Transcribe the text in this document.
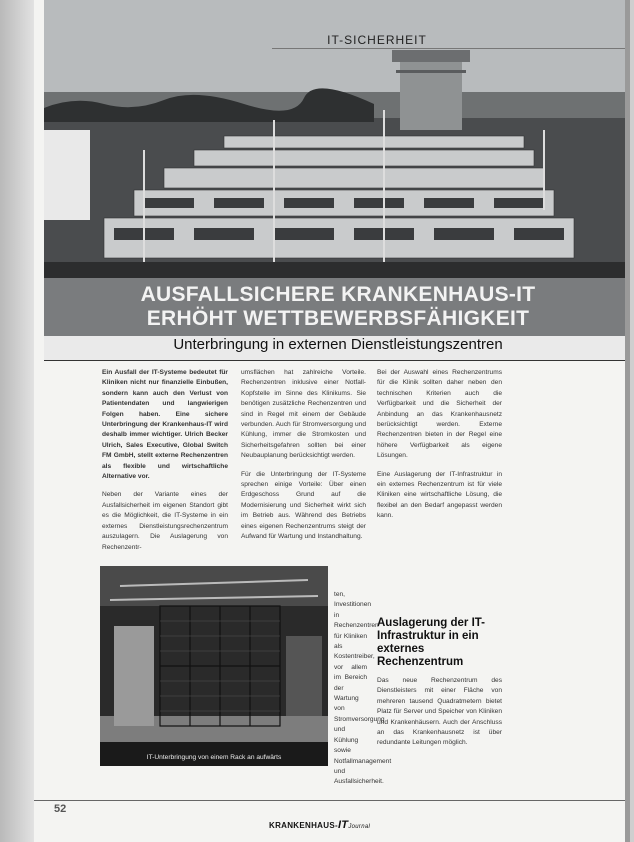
IT-SICHERHEIT
AUSFALLSICHERE KRANKENHAUS-IT
ERHÖHT WETTBEWERBSFÄHIGKEIT
Unterbringung in externen Dienstleistungszentren

Ein Ausfall der IT-Systeme bedeutet für Kliniken nicht nur finanzielle Einbußen, sondern kann auch den Verlust von Patientendaten und langwierigen Folgen haben. Eine sichere Unterbringung der Krankenhaus-IT wird deshalb immer wichtiger. Ulrich Becker Ulrich, Sales Executive, Global Switch FM GmbH, stellt externe Rechenzentren als flexible und wirtschaftliche Alternative vor.

Neben der Variante eines der Ausfallsicherheit im eigenen Standort gibt es die Möglichkeit, die IT-Systeme in ein externes Dienstleistungsrechenzentrum auszulagern. Die Auslagerung von Rechenzentr-

umsflächen hat zahlreiche Vorteile. Rechenzentren inklusive einer Notfall-Kopfstelle im Sinne des Klinikums. Sie benötigen zusätzliche Rechenzentren und sind in Regel mit einem der Gebäude verbunden. Auch für Stromversorgung und Kühlung, immer die Stromkosten und Sicherheitsgefahren sollten bei einer Neubauplanung berücksichtigt werden.

Für die Unterbringung der IT-Systeme sprechen einige Vorteile: Über einen Erdgeschoss Grund auf die Modernisierung und Sicherheit wirkt sich im Betrieb aus. Während des Betriebs eines eigenen Rechenzentrums steigt der Aufwand für Wartung und Instandhaltung.

IT-Unterbringung von einem Rack an aufwärts
ten, Investitionen in Rechenzentren für Kliniken als Kostentreiber, vor allem im Bereich der Wartung von Stromversorgung und Kühlung sowie Notfallmanagement und Ausfallsicherheit.

Bei der Auswahl eines Rechenzentrums für die Klinik sollten daher neben den technischen Kriterien auch die Verfügbarkeit und die Sicherheit der Anbindung an das Krankenhausnetz berücksichtigt werden. Externe Rechenzentren bieten in der Regel eine höhere Verfügbarkeit als eigene Lösungen.

Eine Auslagerung der IT-Infrastruktur in ein externes Rechenzentrum ist für viele Kliniken eine wirtschaftliche Lösung, die flexibel an den Bedarf angepasst werden kann.

Auslagerung der IT-Infrastruktur in ein externes Rechenzentrum
Das neue Rechenzentrum des Dienstleisters mit einer Fläche von mehreren tausend Quadratmetern bietet Platz für Server und Speicher von Kliniken und Krankenhäusern. Auch der Anschluss an das Krankenhausnetz ist über redundante Leitungen möglich.
52
KRANKENHAUS-ITJournal
